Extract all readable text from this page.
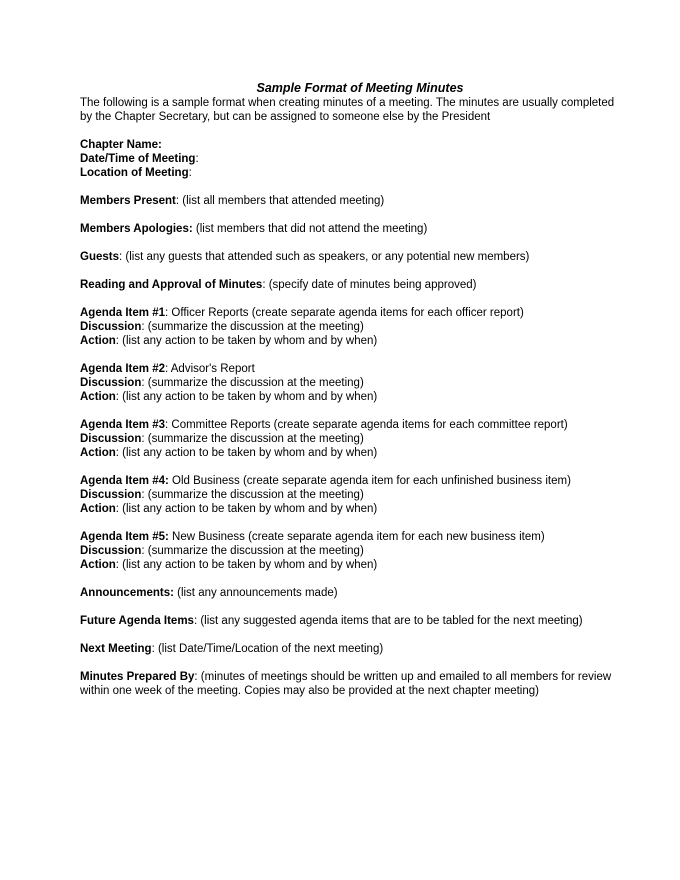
Sample Format of Meeting Minutes

The following is a sample format when creating minutes of a meeting. The minutes are usually completed by the Chapter Secretary, but can be assigned to someone else by the President

Chapter Name:
Date/Time of Meeting:
Location of Meeting:
Members Present: (list all members that attended meeting)
Members Apologies: (list members that did not attend the meeting)
Guests: (list any guests that attended such as speakers, or any potential new members)
Reading and Approval of Minutes: (specify date of minutes being approved)
Agenda Item #1: Officer Reports (create separate agenda items for each officer report)
Discussion: (summarize the discussion at the meeting)
Action: (list any action to be taken by whom and by when)
Agenda Item #2: Advisor's Report
Discussion: (summarize the discussion at the meeting)
Action: (list any action to be taken by whom and by when)
Agenda Item #3: Committee Reports (create separate agenda items for each committee report)
Discussion: (summarize the discussion at the meeting)
Action: (list any action to be taken by whom and by when)
Agenda Item #4: Old Business (create separate agenda item for each unfinished business item)
Discussion: (summarize the discussion at the meeting)
Action: (list any action to be taken by whom and by when)
Agenda Item #5: New Business (create separate agenda item for each new business item)
Discussion: (summarize the discussion at the meeting)
Action: (list any action to be taken by whom and by when)
Announcements: (list any announcements made)
Future Agenda Items: (list any suggested agenda items that are to be tabled for the next meeting)
Next Meeting: (list Date/Time/Location of the next meeting)
Minutes Prepared By: (minutes of meetings should be written up and emailed to all members for review within one week of the meeting. Copies may also be provided at the next chapter meeting)
